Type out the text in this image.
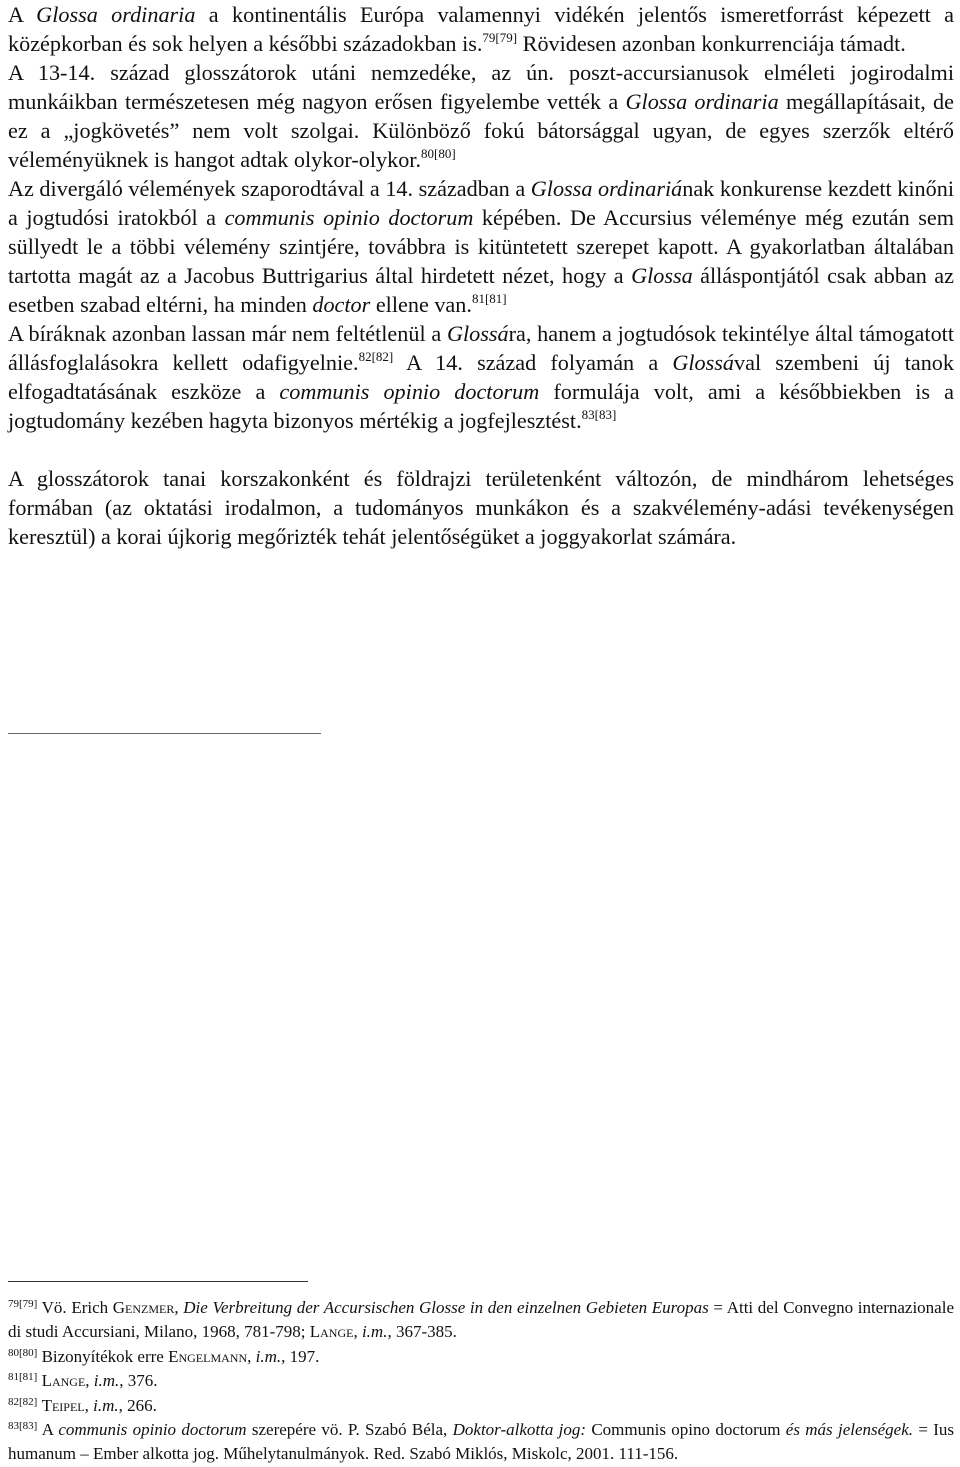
A Glossa ordinaria a kontinentális Európa valamennyi vidékén jelentős ismeretforrást képezett a középkorban és sok helyen a későbbi századokban is.$^{79[79]}$ Rövidesen azonban konkurrenciája támadt.
A 13-14. század glosszátorok utáni nemzedéke, az ún. poszt-accursianusok elméleti jogirodalmi munkáikban természetesen még nagyon erősen figyelembe vették a Glossa ordinaria megállapításait, de ez a „jogkövetés” nem volt szolgai. Különböző fokú bátorsággal ugyan, de egyes szerzők eltérő véleményüknek is hangot adtak olykor-olykor.$^{80[80]}$
Az divergáló vélemények szaporodtával a 14. században a Glossa ordinariának konkurense kezdett kinőni a jogtudósi iratokból a communis opinio doctorum képében. De Accursius véleménye még ezután sem süllyedt le a többi vélemény szintjére, továbbra is kitüntetett szerepet kapott. A gyakorlatban általában tartotta magát az a Jacobus Buttrigarius által hirdetett nézet, hogy a Glossa álláspontjától csak abban az esetben szabad eltérni, ha minden doctor ellene van.$^{81[81]}$
A bíráknak azonban lassan már nem feltétlenül a Glossára, hanem a jogtudósok tekintélye által támogatott állásfoglalásokra kellett odafigyelnie.$^{82[82]}$ A 14. század folyamán a Glossával szembeni új tanok elfogadtatásának eszköze a communis opinio doctorum formulája volt, ami a későbbiekben is a jogtudomány kezében hagyta bizonyos mértékig a jogfejlesztést.$^{83[83]}$

A glosszátorok tanai korszakonként és földrajzi területenként változón, de mindhárom lehetséges formában (az oktatási irodalmon, a tudományos munkákon és a szakvélemény-adási tevékenységen keresztül) a korai újkorig megőrizték tehát jelentőségüket a joggyakorlat számára.

$^{79[79]}$ Vö. Erich Genzmer, Die Verbreitung der Accursischen Glosse in den einzelnen Gebieten Europas = Atti del Convegno internazionale di studi Accursiani, Milano, 1968, 781-798; Lange, i.m., 367-385.

$^{80[80]}$ Bizonyítékok erre Engelmann, i.m., 197.

$^{81[81]}$ Lange, i.m., 376.

$^{82[82]}$ Teipel, i.m., 266.

$^{83[83]}$ A communis opinio doctorum szerepére vö. P. Szabó Béla, Doktor-alkotta jog: Communis opino doctorum és más jelenségek. = Ius humanum – Ember alkotta jog. Műhelytanulmányok. Red. Szabó Miklós, Miskolc, 2001. 111-156.
